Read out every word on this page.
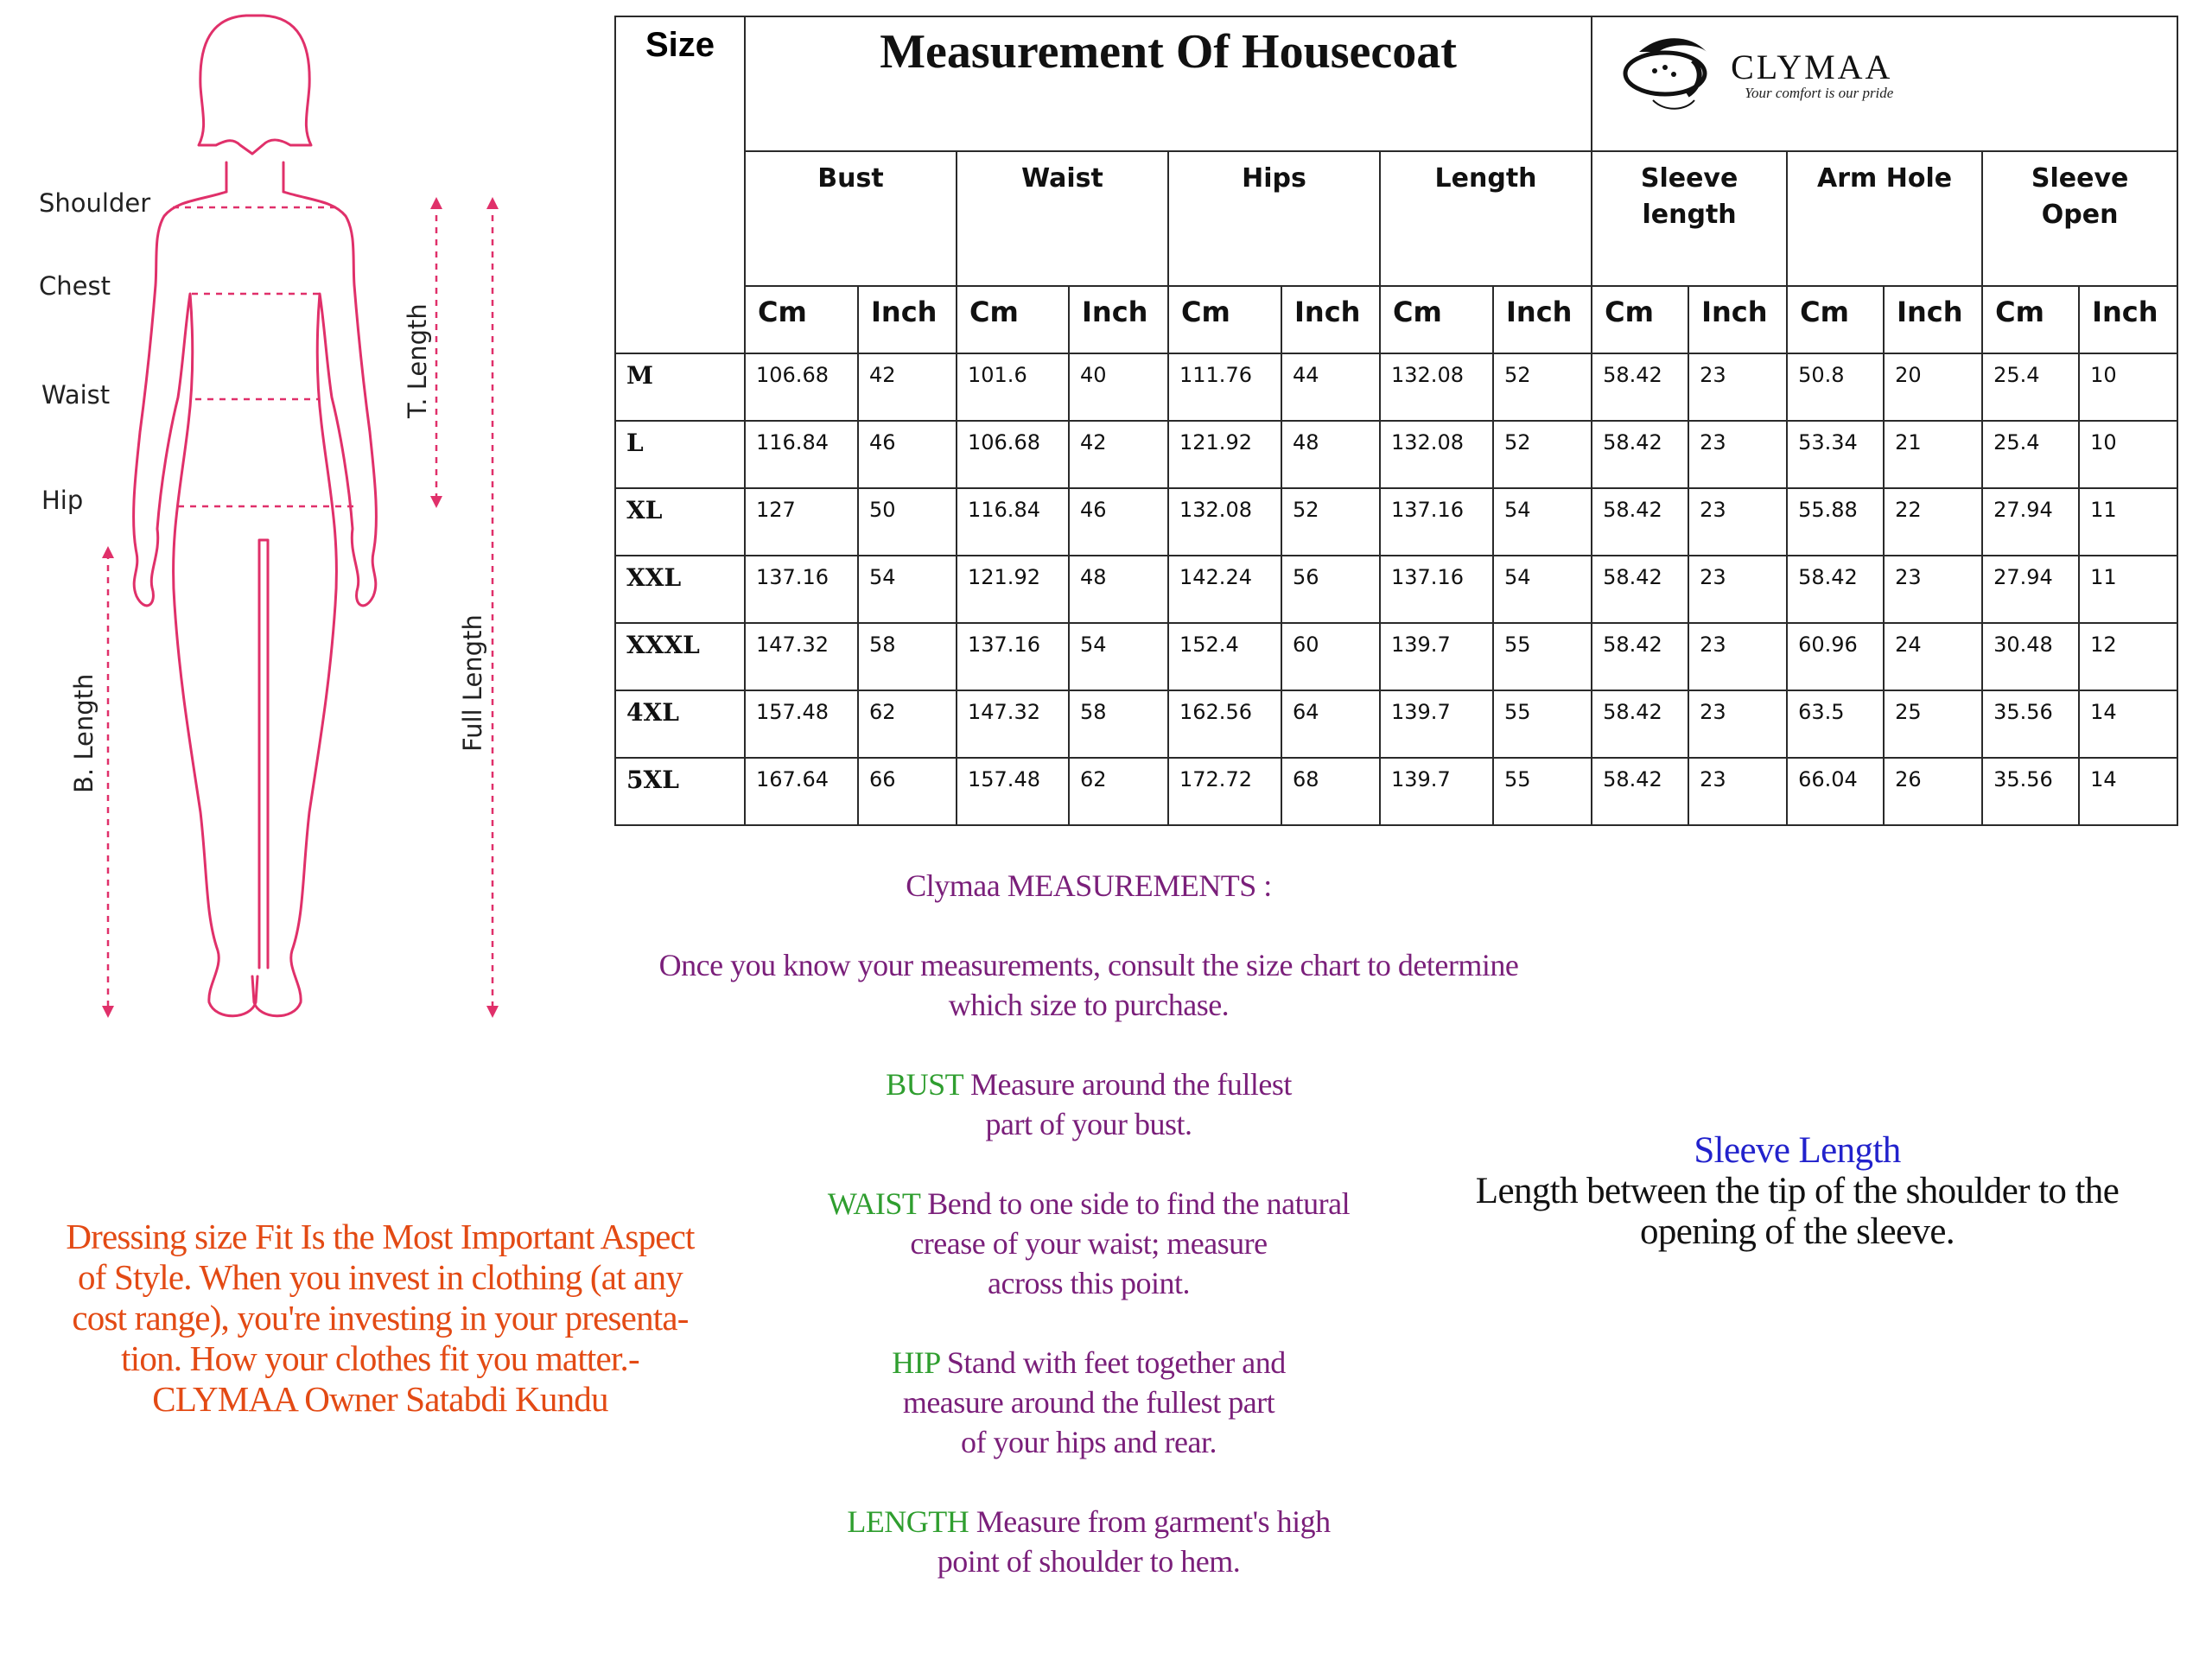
Shoulder
Chest
Waist
Hip
T. Length
Full Length
B. Length
Size	Measurement Of Housecoat								CLYMAA
Your comfort is our pride					

	Bust		Waist		Hips		Length		Sleeve length		Arm Hole		Sleeve Open	

	Cm	Inch	Cm	Inch	Cm	Inch	Cm	Inch	Cm	Inch	Cm	Inch	Cm	Inch
M	106.68	42	101.6	40	111.76	44	132.08	52	58.42	23	50.8	20	25.4	10
L	116.84	46	106.68	42	121.92	48	132.08	52	58.42	23	53.34	21	25.4	10
XL	127	50	116.84	46	132.08	52	137.16	54	58.42	23	55.88	22	27.94	11
XXL	137.16	54	121.92	48	142.24	56	137.16	54	58.42	23	58.42	23	27.94	11
XXXL	147.32	58	137.16	54	152.4	60	139.7	55	58.42	23	60.96	24	30.48	12
4XL	157.48	62	147.32	58	162.56	64	139.7	55	58.42	23	63.5	25	35.56	14
5XL	167.64	66	157.48	62	172.72	68	139.7	55	58.42	23	66.04	26	35.56	14

Clymaa MEASUREMENTS :

Once you know your measurements, consult the size chart to determine

which size to purchase.

BUST Measure around the fullest

part of your bust.

WAIST Bend to one side to find the natural

crease of your waist; measure

across this point.

HIP Stand with feet together and

measure around the fullest part

of your hips and rear.

LENGTH Measure from garment's high

point of shoulder to hem.

Dressing size Fit Is the Most Important Aspect
of Style. When you invest in clothing (at any
cost range), you're investing in your presenta-
tion. How your clothes fit you matter.-
CLYMAA Owner Satabdi Kundu
Sleeve Length
Length between the tip of the shoulder to the
opening of the sleeve.
